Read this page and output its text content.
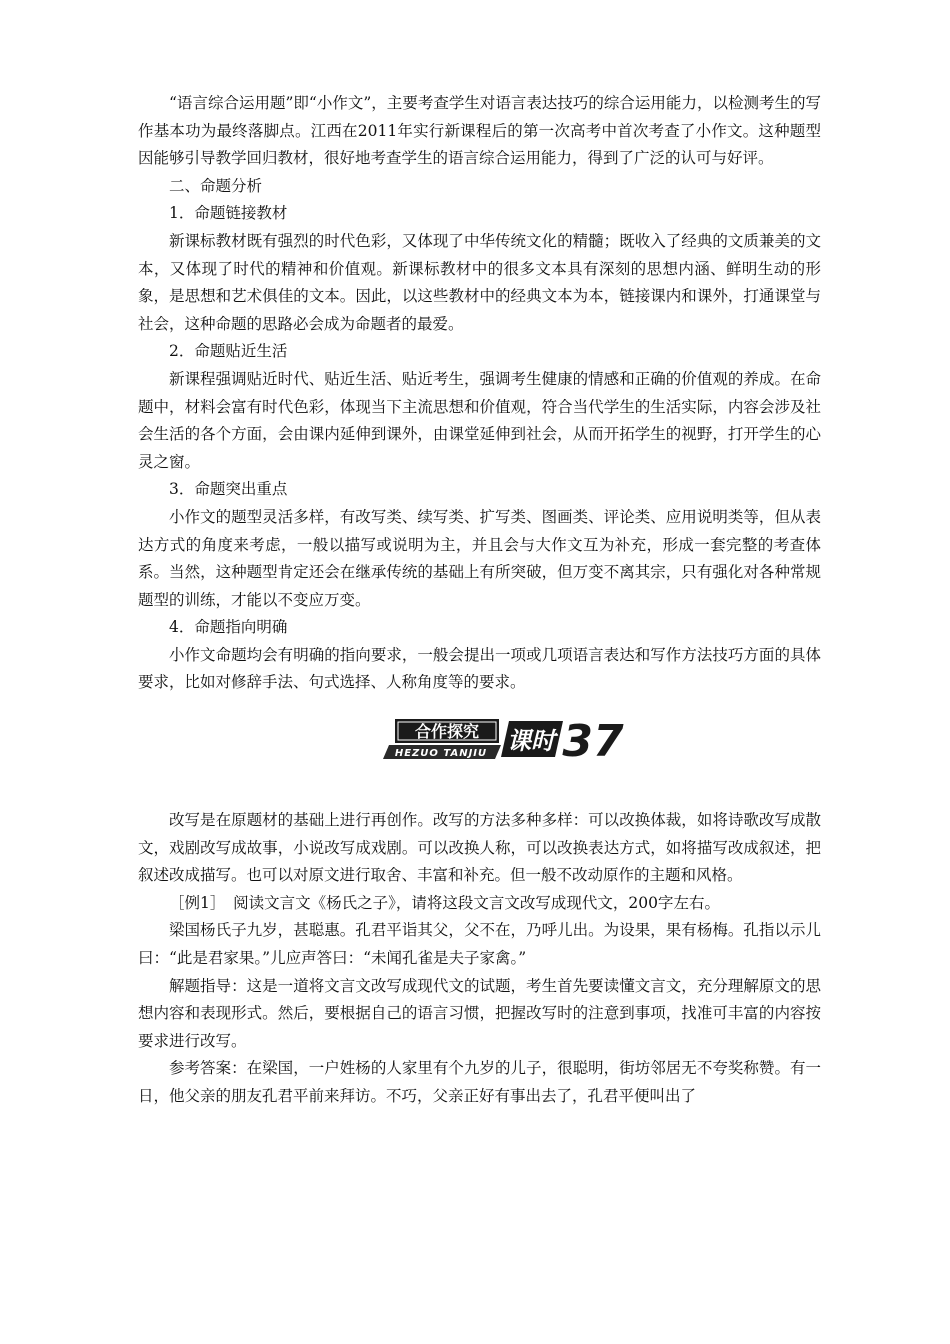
“语言综合运用题”即“小作文”，主要考查学生对语言表达技巧的综合运用能力，以检测考生的写作基本功为最终落脚点。江西在2011年实行新课程后的第一次高考中首次考查了小作文。这种题型因能够引导教学回归教材，很好地考查学生的语言综合运用能力，得到了广泛的认可与好评。

二、命题分析

1．命题链接教材

新课标教材既有强烈的时代色彩，又体现了中华传统文化的精髓；既收入了经典的文质兼美的文本，又体现了时代的精神和价值观。新课标教材中的很多文本具有深刻的思想内涵、鲜明生动的形象，是思想和艺术俱佳的文本。因此，以这些教材中的经典文本为本，链接课内和课外，打通课堂与社会，这种命题的思路必会成为命题者的最爱。

2．命题贴近生活

新课程强调贴近时代、贴近生活、贴近考生，强调考生健康的情感和正确的价值观的养成。在命题中，材料会富有时代色彩，体现当下主流思想和价值观，符合当代学生的生活实际，内容会涉及社会生活的各个方面，会由课内延伸到课外，由课堂延伸到社会，从而开拓学生的视野，打开学生的心灵之窗。

3．命题突出重点

小作文的题型灵活多样，有改写类、续写类、扩写类、图画类、评论类、应用说明类等，但从表达方式的角度来考虑，一般以描写或说明为主，并且会与大作文互为补充，形成一套完整的考查体系。当然，这种题型肯定还会在继承传统的基础上有所突破，但万变不离其宗，只有强化对各种常规题型的训练，才能以不变应万变。

4．命题指向明确

小作文命题均会有明确的指向要求，一般会提出一项或几项语言表达和写作方法技巧方面的具体要求，比如对修辞手法、句式选择、人称角度等的要求。

合作探究
HEZUO TANJIU 课时 37

改写是在原题材的基础上进行再创作。改写的方法多种多样：可以改换体裁，如将诗歌改写成散文，戏剧改写成故事，小说改写成戏剧。可以改换人称，可以改换表达方式，如将描写改成叙述，把叙述改成描写。也可以对原文进行取舍、丰富和补充。但一般不改动原作的主题和风格。

［例1］　阅读文言文《杨氏之子》，请将这段文言文改写成现代文，200字左右。

梁国杨氏子九岁，甚聪惠。孔君平诣其父，父不在，乃呼儿出。为设果，果有杨梅。孔指以示儿曰：“此是君家果。”儿应声答曰：“未闻孔雀是夫子家禽。”

解题指导：这是一道将文言文改写成现代文的试题，考生首先要读懂文言文，充分理解原文的思想内容和表现形式。然后，要根据自己的语言习惯，把握改写时的注意到事项，找准可丰富的内容按要求进行改写。

参考答案：在梁国，一户姓杨的人家里有个九岁的儿子，很聪明，街坊邻居无不夸奖称赞。有一日，他父亲的朋友孔君平前来拜访。不巧，父亲正好有事出去了，孔君平便叫出了
